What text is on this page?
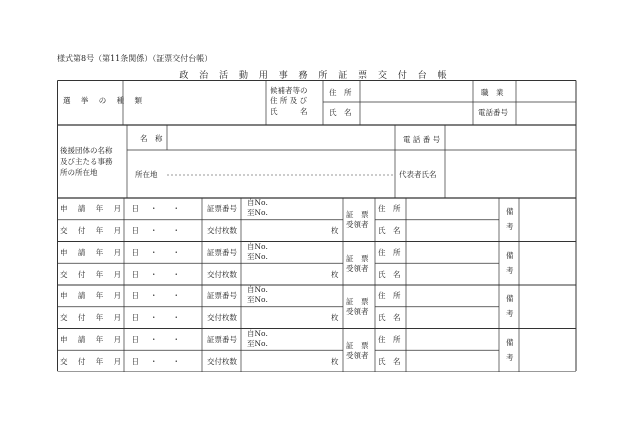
様式第8号（第11条関係）（証票交付台帳）
政 治 活 動 用 事 務 所 証 票 交 付 台 帳
選 挙 の 種 類
候補者等の
住 所 及 び
氏　　　名
住　所
氏　名
職　業
電話番号
後援団体の名称
及び主たる事務
所の所在地
名　称
所在地
電 話 番 号
代表者氏名
申 請 年 月 日
交 付 年 月 日
・　　・
・　　・
証票番号
交付枚数
自No.
至No.
枚
証　票
受領者
住　所
氏　名
備
考
申 請 年 月 日
交 付 年 月 日
・　　・
・　　・
証票番号
交付枚数
自No.
至No.
枚
証　票
受領者
住　所
氏　名
備
考
申 請 年 月 日
交 付 年 月 日
・　　・
・　　・
証票番号
交付枚数
自No.
至No.
枚
証　票
受領者
住　所
氏　名
備
考
申 請 年 月 日
交 付 年 月 日
・　　・
・　　・
証票番号
交付枚数
自No.
至No.
枚
証　票
受領者
住　所
氏　名
備
考
